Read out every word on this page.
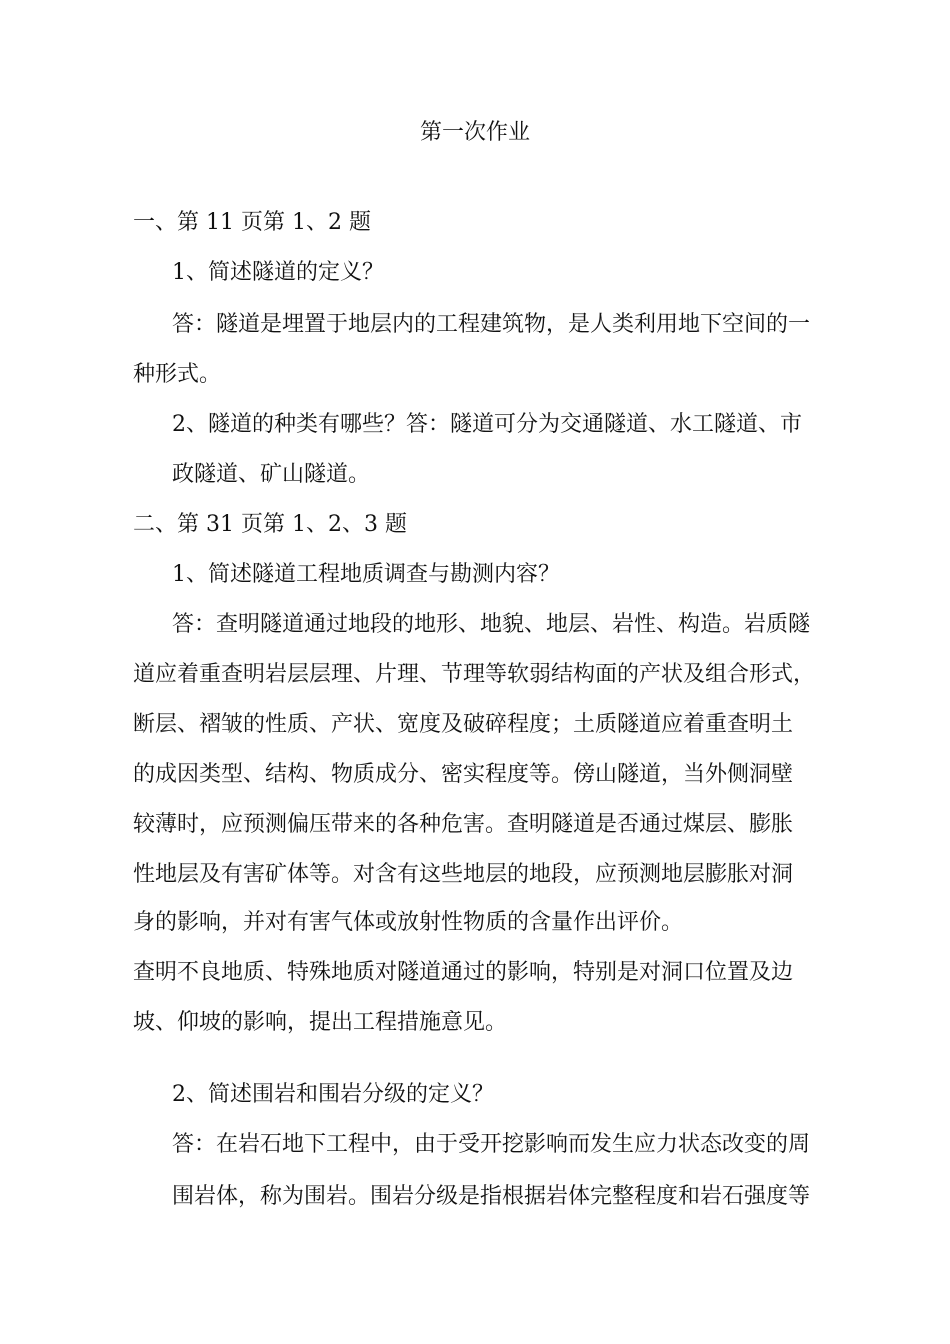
第一次作业
一、第 11 页第 1、2 题
1、简述隧道的定义？
答：隧道是埋置于地层内的工程建筑物，是人类利用地下空间的一
种形式。
2、隧道的种类有哪些？答：隧道可分为交通隧道、水工隧道、市
政隧道、矿山隧道。
二、第 31 页第 1、2、3 题
1、简述隧道工程地质调查与勘测内容？
答：查明隧道通过地段的地形、地貌、地层、岩性、构造。岩质隧
道应着重查明岩层层理、片理、节理等软弱结构面的产状及组合形式，
断层、褶皱的性质、产状、宽度及破碎程度；土质隧道应着重查明土
的成因类型、结构、物质成分、密实程度等。傍山隧道，当外侧洞壁
较薄时，应预测偏压带来的各种危害。查明隧道是否通过煤层、膨胀
性地层及有害矿体等。对含有这些地层的地段，应预测地层膨胀对洞
身的影响，并对有害气体或放射性物质的含量作出评价。
查明不良地质、特殊地质对隧道通过的影响，特别是对洞口位置及边
坡、仰坡的影响，提出工程措施意见。
2、简述围岩和围岩分级的定义？
答：在岩石地下工程中，由于受开挖影响而发生应力状态改变的周
围岩体，称为围岩。围岩分级是指根据岩体完整程度和岩石强度等
